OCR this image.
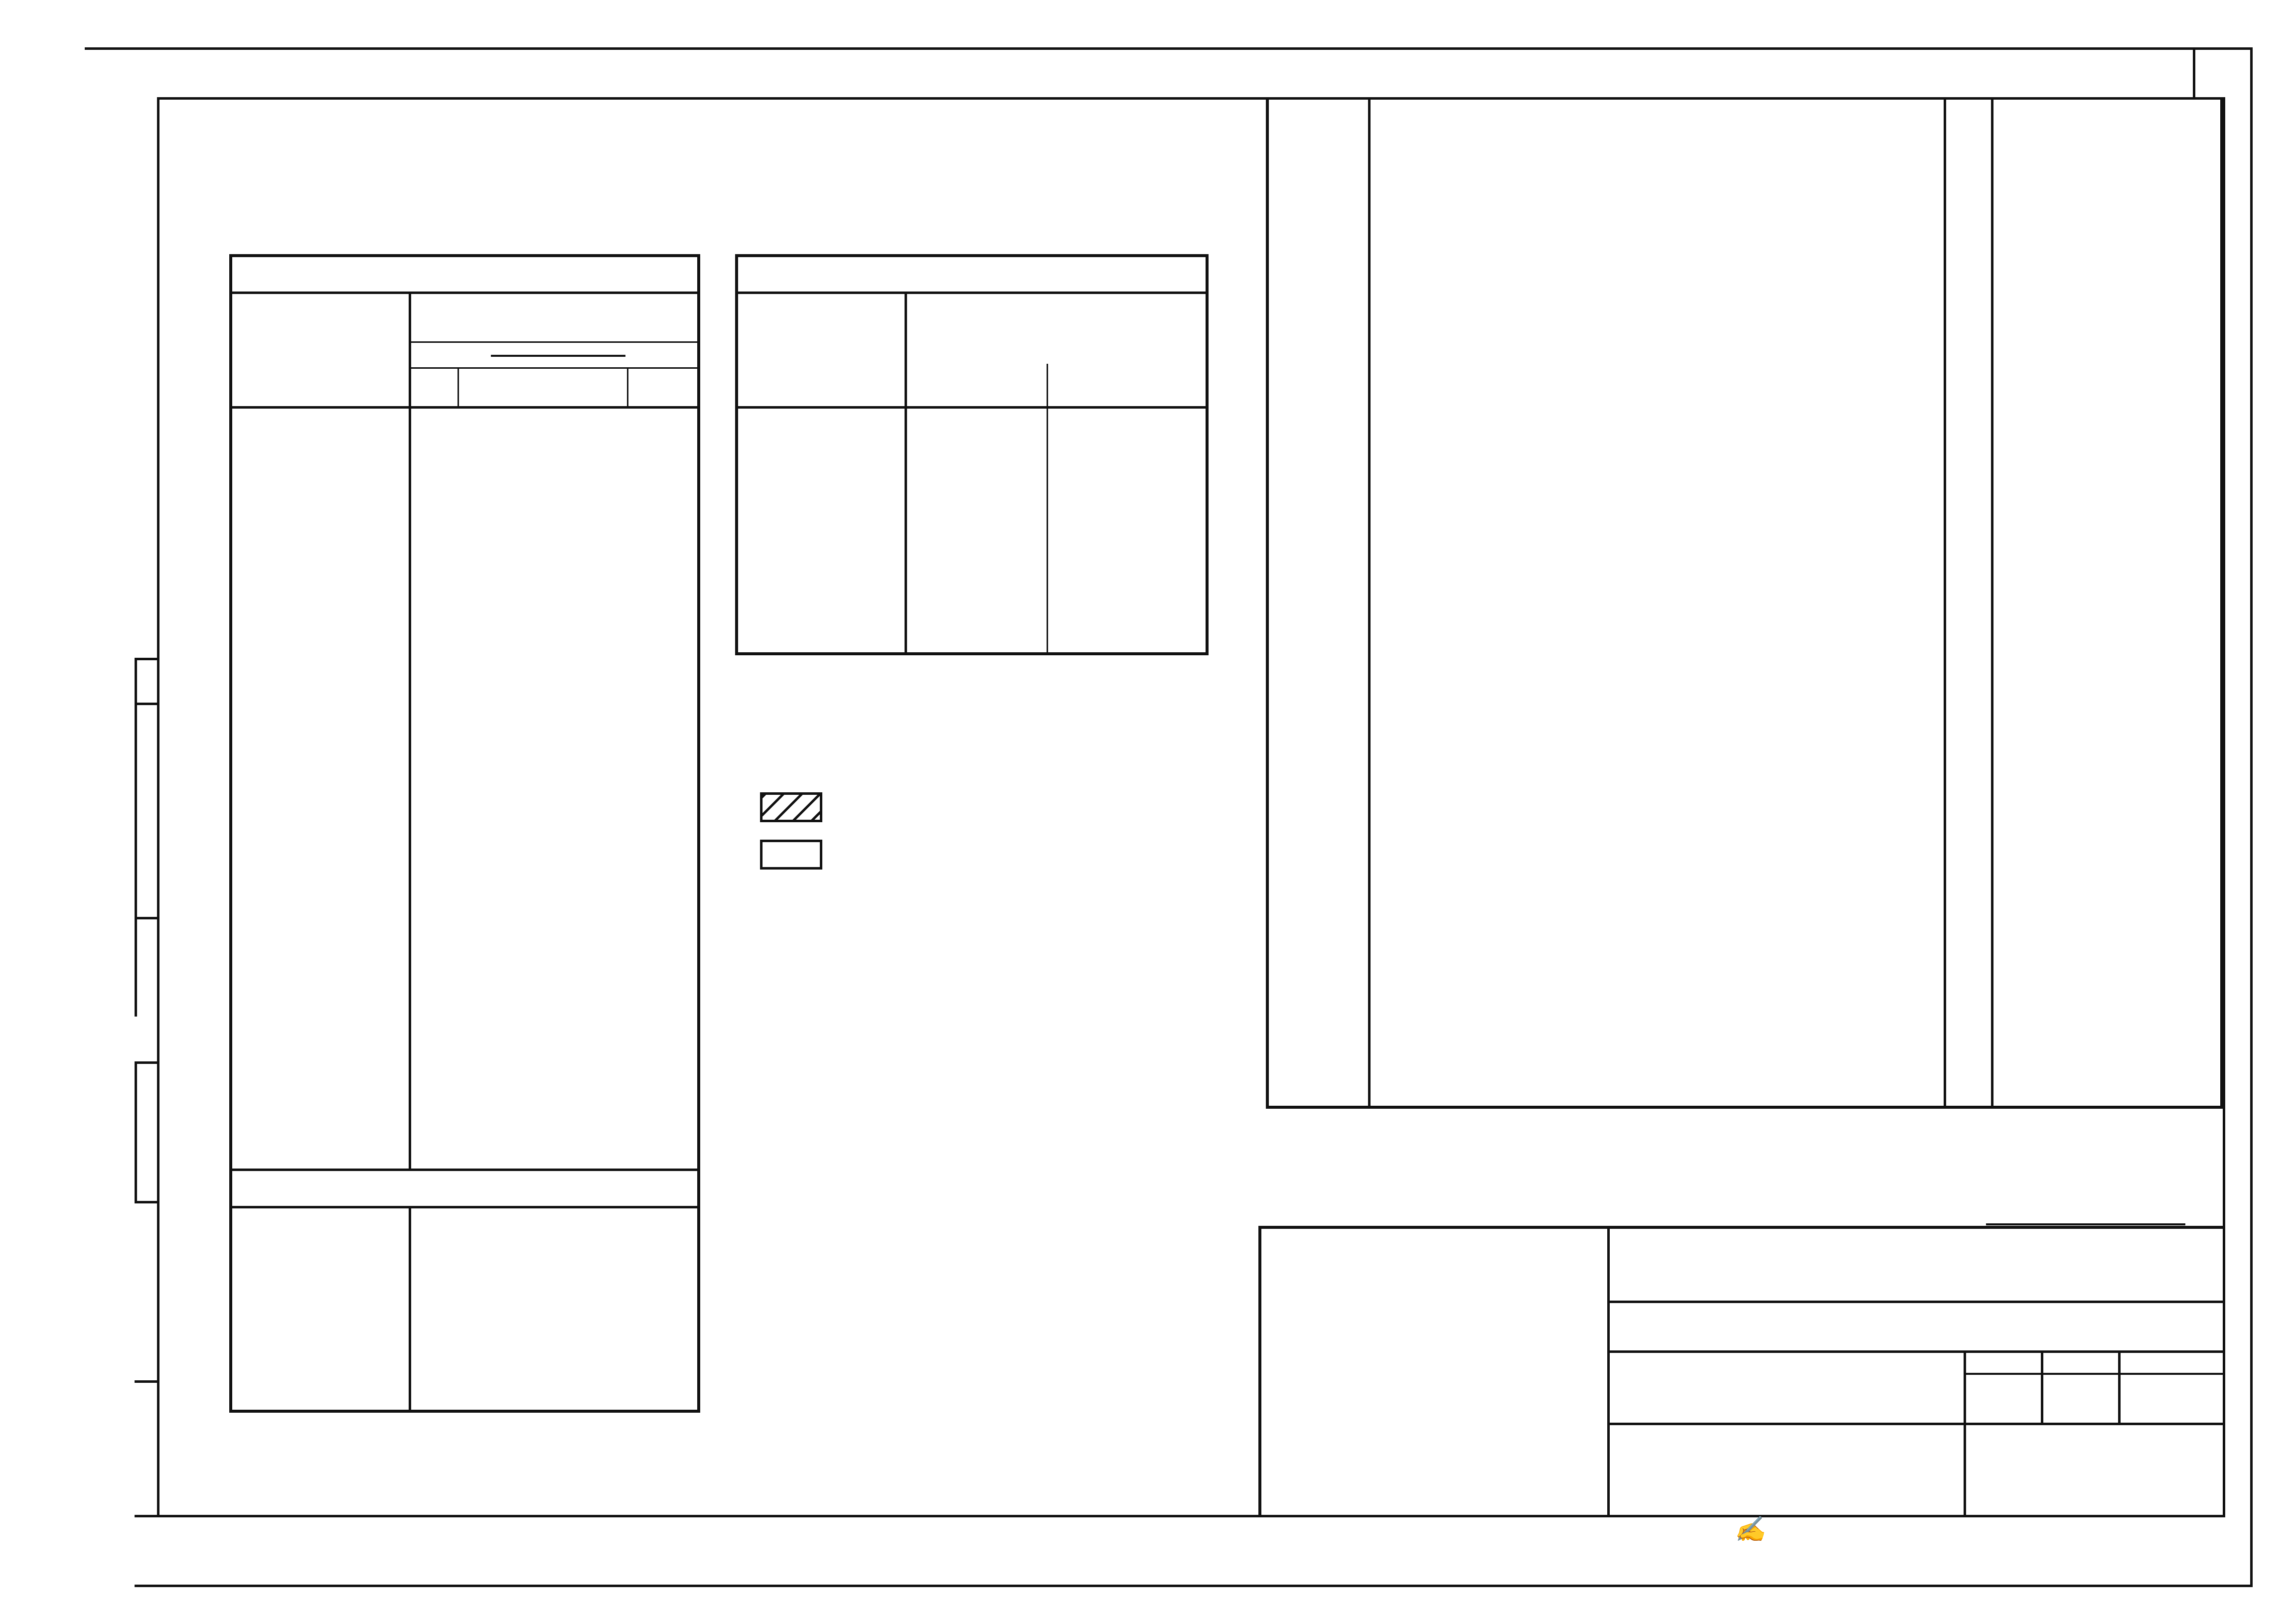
✍
